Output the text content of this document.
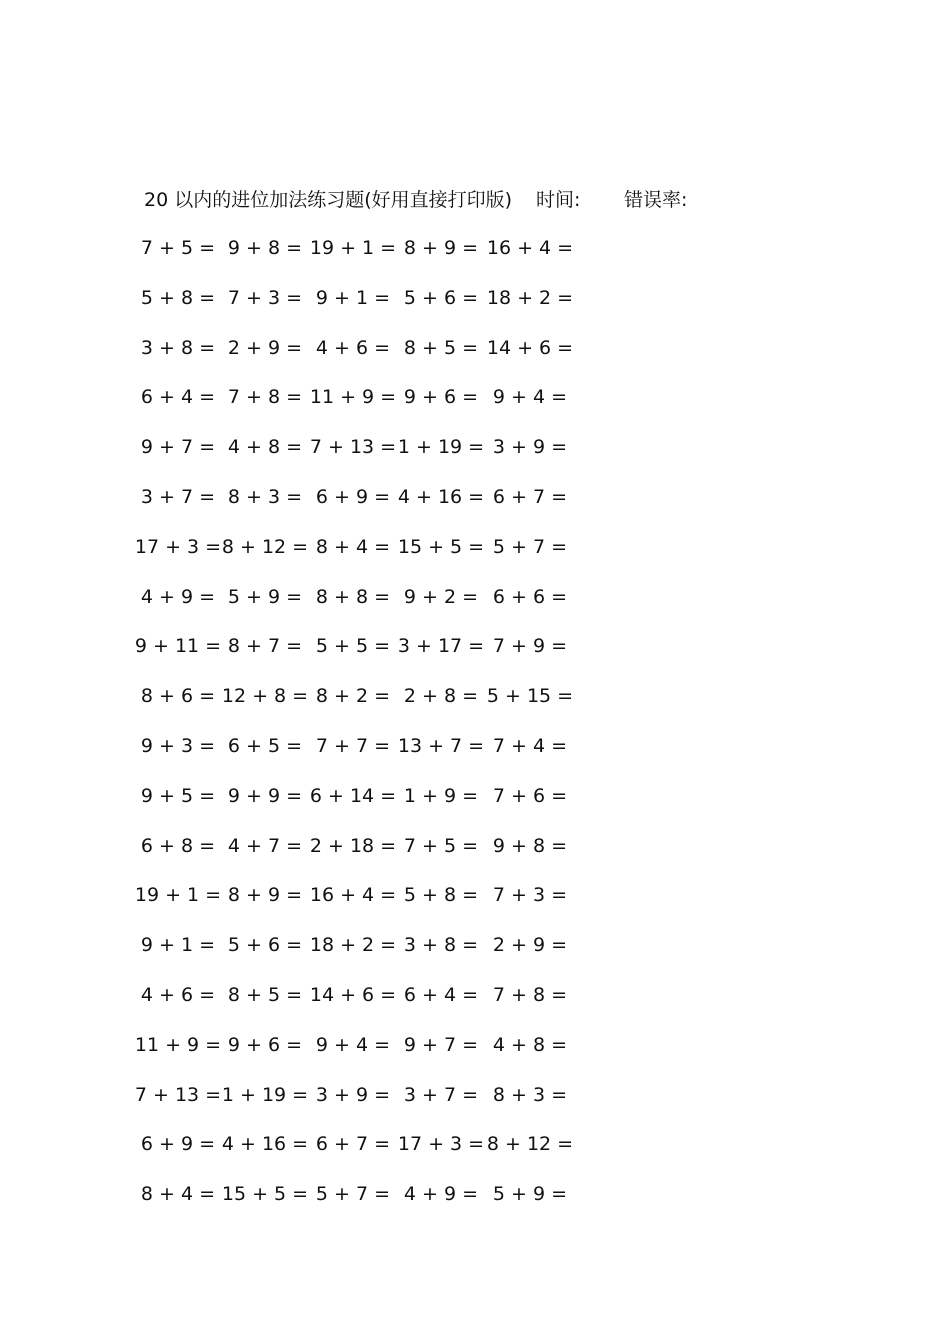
20 以内的进位加法练习题(好用直接打印版) 时间: 错误率:
7 + 5 = 9 + 8 = 19 + 1 = 8 + 9 = 16 + 4 =
5 + 8 = 7 + 3 = 9 + 1 = 5 + 6 = 18 + 2 =
3 + 8 = 2 + 9 = 4 + 6 = 8 + 5 = 14 + 6 =
6 + 4 = 7 + 8 = 11 + 9 = 9 + 6 = 9 + 4 =
9 + 7 = 4 + 8 = 7 + 13 = 1 + 19 = 3 + 9 =
3 + 7 = 8 + 3 = 6 + 9 = 4 + 16 = 6 + 7 =
17 + 3 = 8 + 12 = 8 + 4 = 15 + 5 = 5 + 7 =
4 + 9 = 5 + 9 = 8 + 8 = 9 + 2 = 6 + 6 =
9 + 11 = 8 + 7 = 5 + 5 = 3 + 17 = 7 + 9 =
8 + 6 = 12 + 8 = 8 + 2 = 2 + 8 = 5 + 15 =
9 + 3 = 6 + 5 = 7 + 7 = 13 + 7 = 7 + 4 =
9 + 5 = 9 + 9 = 6 + 14 = 1 + 9 = 7 + 6 =
6 + 8 = 4 + 7 = 2 + 18 = 7 + 5 = 9 + 8 =
19 + 1 = 8 + 9 = 16 + 4 = 5 + 8 = 7 + 3 =
9 + 1 = 5 + 6 = 18 + 2 = 3 + 8 = 2 + 9 =
4 + 6 = 8 + 5 = 14 + 6 = 6 + 4 = 7 + 8 =
11 + 9 = 9 + 6 = 9 + 4 = 9 + 7 = 4 + 8 =
7 + 13 = 1 + 19 = 3 + 9 = 3 + 7 = 8 + 3 =
6 + 9 = 4 + 16 = 6 + 7 = 17 + 3 = 8 + 12 =
8 + 4 = 15 + 5 = 5 + 7 = 4 + 9 = 5 + 9 =
